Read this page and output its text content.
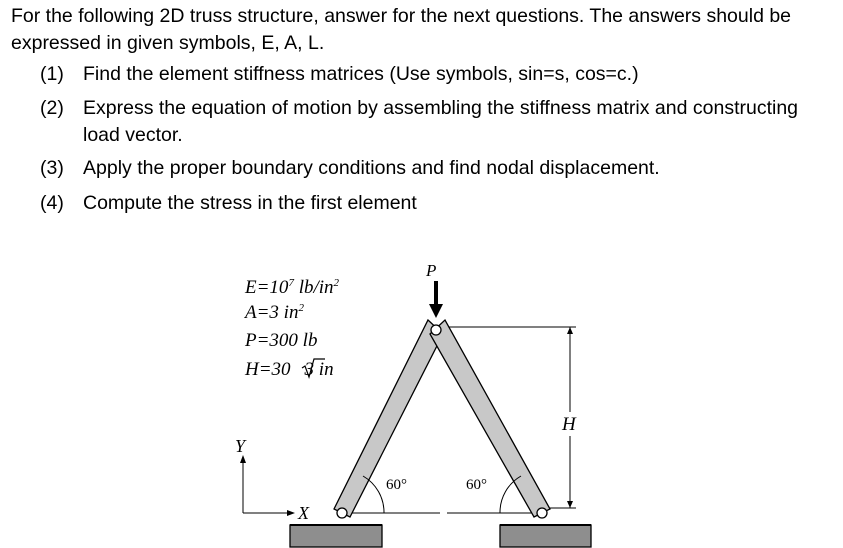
For the following 2D truss structure, answer for the next questions. The answers should be expressed in given symbols, E, A, L.

(1) Find the element stiffness matrices (Use symbols, sin=s, cos=c.)
(2) Express the equation of motion by assembling the stiffness matrix and constructing load vector.
(3) Apply the proper boundary conditions and find nodal displacement.
(4) Compute the stress in the first element
$E=10^7$ $lb/in^2$
A=3 $in^2$
P=300 lb
H=30 3 in
P
H
60°	60°
Y
X
